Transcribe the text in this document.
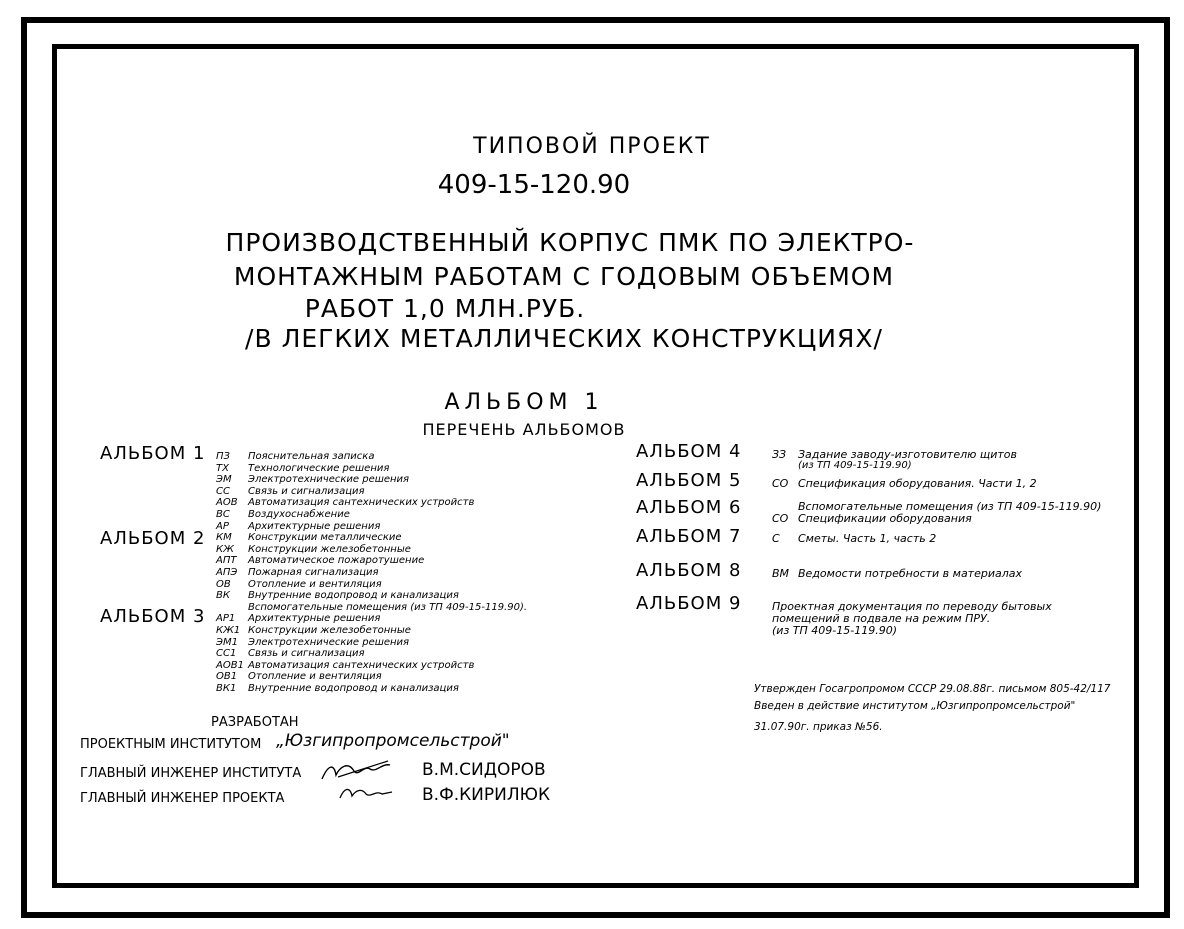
ТИПОВОЙ ПРОЕКТ
409-15-120.90
ПРОИЗВОДСТВЕННЫЙ КОРПУС ПМК ПО ЭЛЕКТРО-
МОНТАЖНЫМ РАБОТАМ С ГОДОВЫМ ОБЪЕМОМ
РАБОТ 1,0 МЛН.РУБ.
/В ЛЕГКИХ МЕТАЛЛИЧЕСКИХ КОНСТРУКЦИЯХ/
АЛЬБОМ 1
ПЕРЕЧЕНЬ АЛЬБОМОВ
АЛЬБОМ 1
АЛЬБОМ 2
АЛЬБОМ 3
ПЗ Пояснительная записка
ТХ Технологические решения
ЭМ Электротехнические решения
СС Связь и сигнализация
АОВ Автоматизация сантехнических устройств
ВС Воздухоснабжение
АР Архитектурные решения
КМ Конструкции металлические
КЖ Конструкции железобетонные
АПТ Автоматическое пожаротушение
АПЭ Пожарная сигнализация
ОВ Отопление и вентиляция
ВК Внутренние водопровод и канализация
Вспомогательные помещения (из ТП 409-15-119.90).
АР1 Архитектурные решения
КЖ1 Конструкции железобетонные
ЭМ1 Электротехнические решения
СС1 Связь и сигнализация
АОВ1 Автоматизация сантехнических устройств
ОВ1 Отопление и вентиляция
ВК1 Внутренние водопровод и канализация
АЛЬБОМ 4	ЗЗ Задание заводу-изготовителю щитов
(из ТП 409-15-119.90)
АЛЬБОМ 5	СО Спецификация оборудования. Части 1, 2
АЛЬБОМ 6	Вспомогательные помещения (из ТП 409-15-119.90)
СО Спецификации оборудования
АЛЬБОМ 7	С Сметы. Часть 1, часть 2
АЛЬБОМ 8	ВМ Ведомости потребности в материалах
АЛЬБОМ 9	Проектная документация по переводу бытовых
помещений в подвале на режим ПРУ.
(из ТП 409-15-119.90)
Утвержден Госагропромом СССР 29.08.88г. письмом 805-42/117
Введен в действие институтом „Юзгипропромсельстрой"
31.07.90г. приказ №56.
РАЗРАБОТАН
ПРОЕКТНЫМ ИНСТИТУТОМ „Юзгипропромсельстрой"
ГЛАВНЫЙ ИНЖЕНЕР ИНСТИТУТА	В.М.СИДОРОВ
ГЛАВНЫЙ ИНЖЕНЕР ПРОЕКТА	В.Ф.КИРИЛЮК
